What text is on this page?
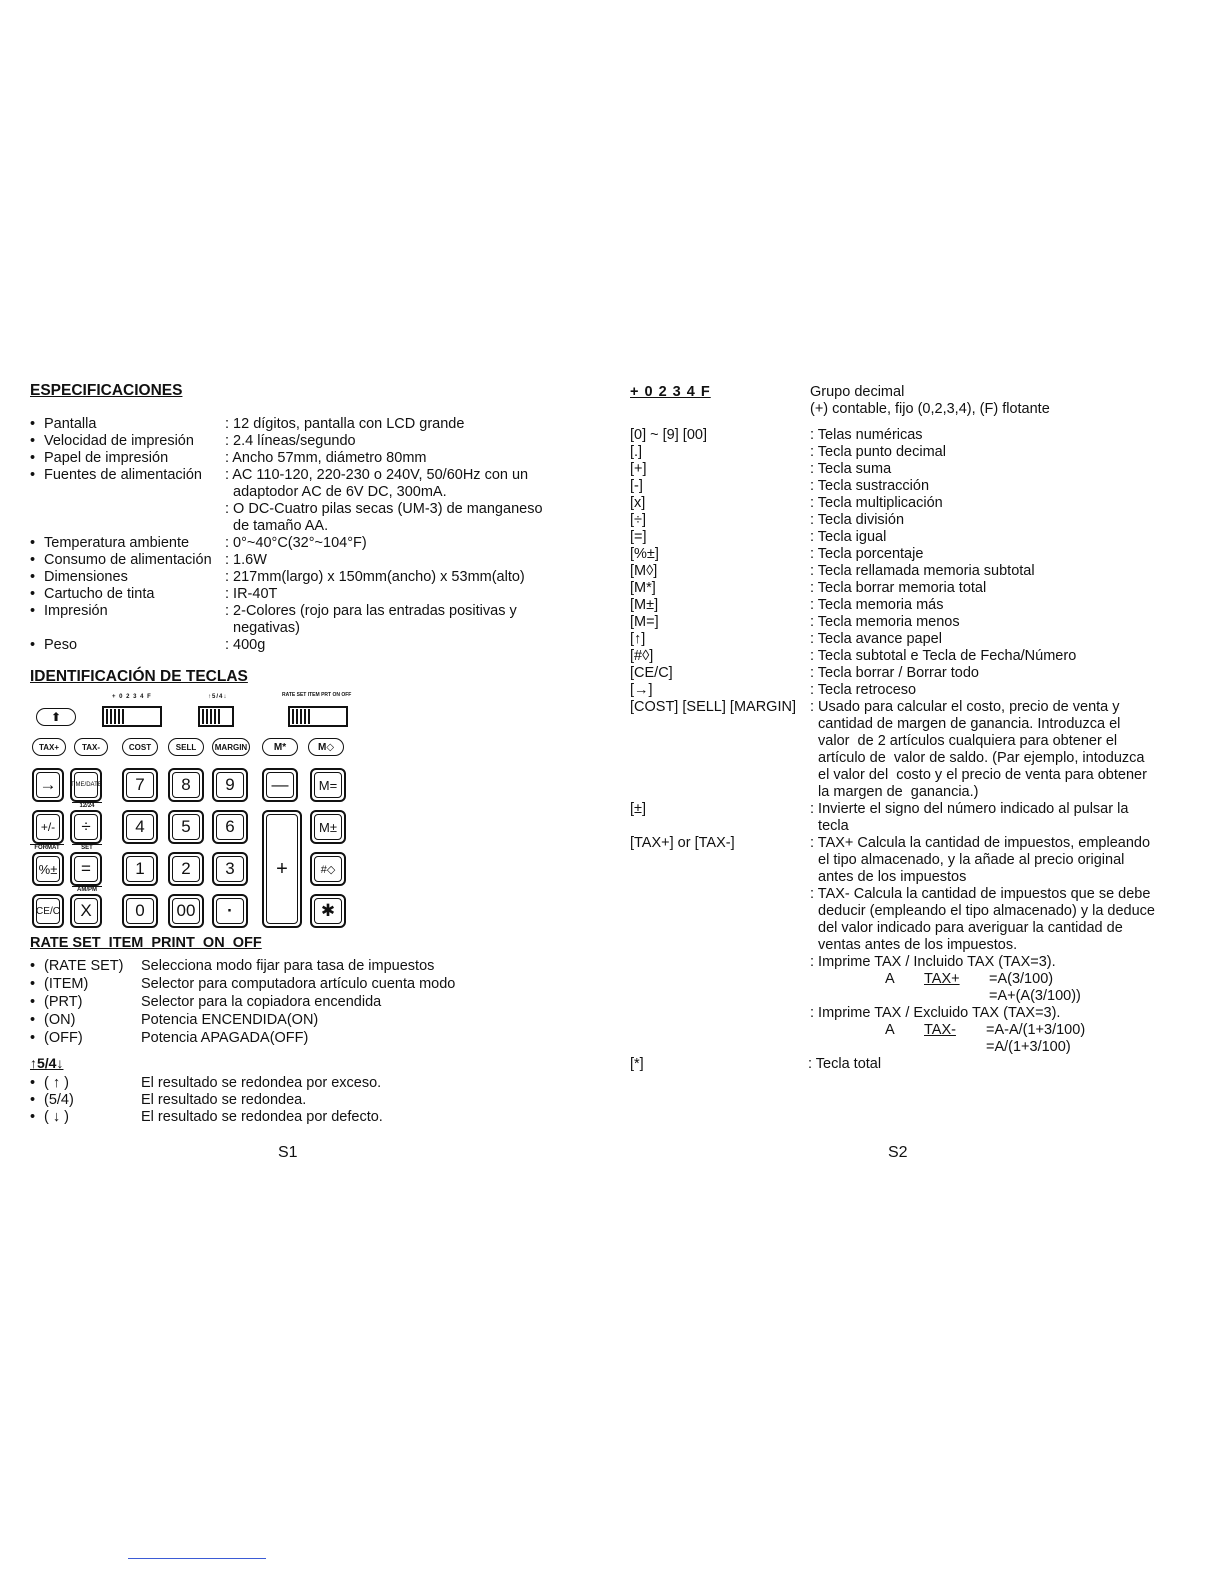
ESPECIFICACIONES
• Pantalla	: 12 dígitos, pantalla con LCD grande
• Velocidad de impresión : 2.4 líneas/segundo
• Papel de impresión	: Ancho 57mm, diámetro 80mm
• Fuentes de alimentación : AC 110-120, 220-230 o 240V, 50/60Hz con un
adaptodor AC de 6V DC, 300mA.
: O DC-Cuatro pilas secas (UM-3) de manganeso
de tamaño AA.
• Temperatura ambiente : 0°~40°C(32°~104°F)
• Consumo de alimentación : 1.6W
• Dimensiones	: 217mm(largo) x 150mm(ancho) x 53mm(alto)
• Cartucho de tinta	: IR-40T
• Impresión	: 2-Colores (rojo para las entradas positivas y
negativas)
• Peso	: 400g
IDENTIFICACIÓN DE TECLAS
+ 0 2 3 4 F	↑5/4↓	RATE SET ITEM PRT ON OFF
⬆
TAX+	TAX-	COST	SELL	MARGIN	M*	M◇
→	TIME/DATE	7	8	9	—	M=
12/24
+/-	÷	4	5	6	M±
FORMAT	SET
%±	=	1	2	3	+	#◇
AM/PM
CE/C	X	0	00	·	✱
RATE SET  ITEM  PRINT  ON  OFF
• (RATE SET) Selecciona modo fijar para tasa de impuestos
• (ITEM)	Selector para computadora artículo cuenta modo
• (PRT)	Selector para la copiadora encendida
• (ON)	Potencia ENCENDIDA(ON)
• (OFF)	Potencia APAGADA(OFF)
↑5/4↓
• ( ↑ )	El resultado se redondea por exceso.
• (5/4)	El resultado se redondea.
• ( ↓ )	El resultado se redondea por defecto.
S1
+ 0 2 3 4 F	Grupo decimal
(+) contable, fijo (0,2,3,4), (F) flotante
[0] ~ [9] [00]	: Telas numéricas
[.]	: Tecla punto decimal
[+]	: Tecla suma
[-]	: Tecla sustracción
[x]	: Tecla multiplicación
[÷]	: Tecla división
[=]	: Tecla igual
[%±]	: Tecla porcentaje
[M◊]	: Tecla rellamada memoria subtotal
[M*]	: Tecla borrar memoria total
[M±]	: Tecla memoria más
[M=]	: Tecla memoria menos
[↑]	: Tecla avance papel
[#◊]	: Tecla subtotal e Tecla de Fecha/Número
[CE/C]	: Tecla borrar / Borrar todo
[→]	: Tecla retroceso
[COST] [SELL] [MARGIN] : Usado para calcular el costo, precio de venta y
cantidad de margen de ganancia. Introduzca el
valor  de 2 artículos cualquiera para obtener el
artículo de  valor de saldo. (Par ejemplo, intoduzca
el valor del  costo y el precio de venta para obtener
la margen de  ganancia.)
[±]	: Invierte el signo del número indicado al pulsar la
tecla
[TAX+] or [TAX-]	: TAX+ Calcula la cantidad de impuestos, empleando
el tipo almacenado, y la añade al precio original
antes de los impuestos
: TAX- Calcula la cantidad de impuestos que se debe
deducir (empleando el tipo almacenado) y la deduce
del valor indicado para averiguar la cantidad de
ventas antes de los impuestos.
: Imprime TAX / Incluido TAX (TAX=3).
A TAX+ =A(3/100)
=A+(A(3/100))
: Imprime TAX / Excluido TAX (TAX=3).
A TAX- =A-A/(1+3/100)
=A/(1+3/100)
[*]	: Tecla total
S2
